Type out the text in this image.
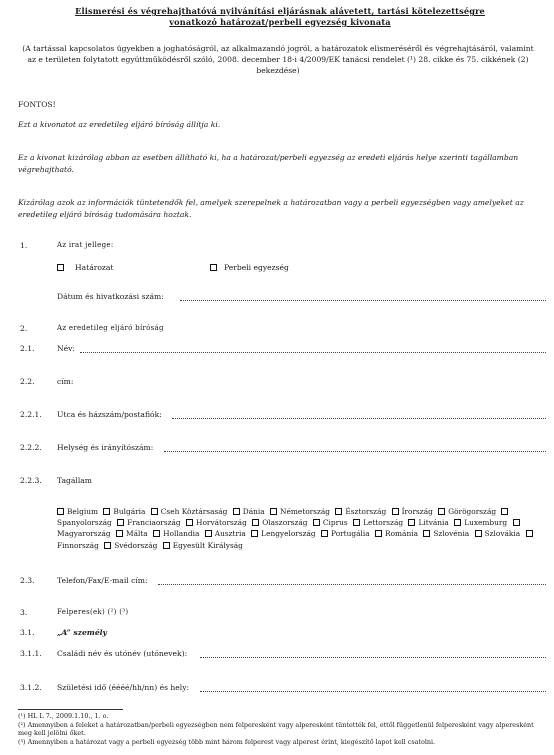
Elismerési és végrehajthatóvá nyilvánítási eljárásnak alávetett, tartási kötelezettségre
vonatkozó határozat/perbeli egyezség kivonata
(A tartással kapcsolatos ügyekben a joghatóságról, az alkalmazandó jogról, a határozatok elismeréséről és végrehajtásáról, valamint az e területen folytatott együttműködésről szóló, 2008. december 18-i 4/2009/EK tanácsi rendelet (¹) 28. cikke és 75. cikkének (2) bekezdése)
FONTOS!
Ezt a kivonatot az eredetileg eljáró bíróság állítja ki.
Ez a kivonat kizárólag abban az esetben állítható ki, ha a határozat/perbeli egyezség az eredeti eljárás helye szerinti tagállamban végrehajtható.
Kizárólag azok az információk tüntetendők fel, amelyek szerepelnek a határozatban vagy a perbeli egyezségben vagy amelyeket az eredetileg eljáró bíróság tudomására hoztak.
1.	Az irat jellege:
Határozat	Perbeli egyezség
Dátum és hivatkozási szám:
2.	Az eredetileg eljáró bíróság
2.1.	Név:
2.2.	cím:
2.2.1. Utca és házszám/postafiók:
2.2.2. Helység és irányítószám:
2.2.3. Tagállam
Belgium Bulgária Cseh Köztársaság Dánia Németország Észtország Írország Görögország Spanyolország Franciaország Horvátország Olaszország Ciprus Lettország Litvánia Luxemburg Magyarország Málta Hollandia Ausztria Lengyelország Portugália Románia Szlovénia Szlovákia Finnország Svédország Egyesült Királyság
2.3.	Telefon/Fax/E-mail cím:
3.	Felperes(ek) (²) (³)
3.1.	„A” személy
3.1.1. Családi név és utónév (utónevek):
3.1.2. Születési idő (éééé/hh/nn) és hely:
(¹) HL L 7., 2009.1.10., 1. o.
(²) Amennyiben a feleket a határozatban/perbeli egyezségben nem felperesként vagy alperesként tüntették fel, ettől függetlenül felperesként vagy alperesként meg kell jelölni őket.
(³) Amennyiben a határozat vagy a perbeli egyezség több mint három felperest vagy alperest érint, kiegészítő lapot kell csatolni.
